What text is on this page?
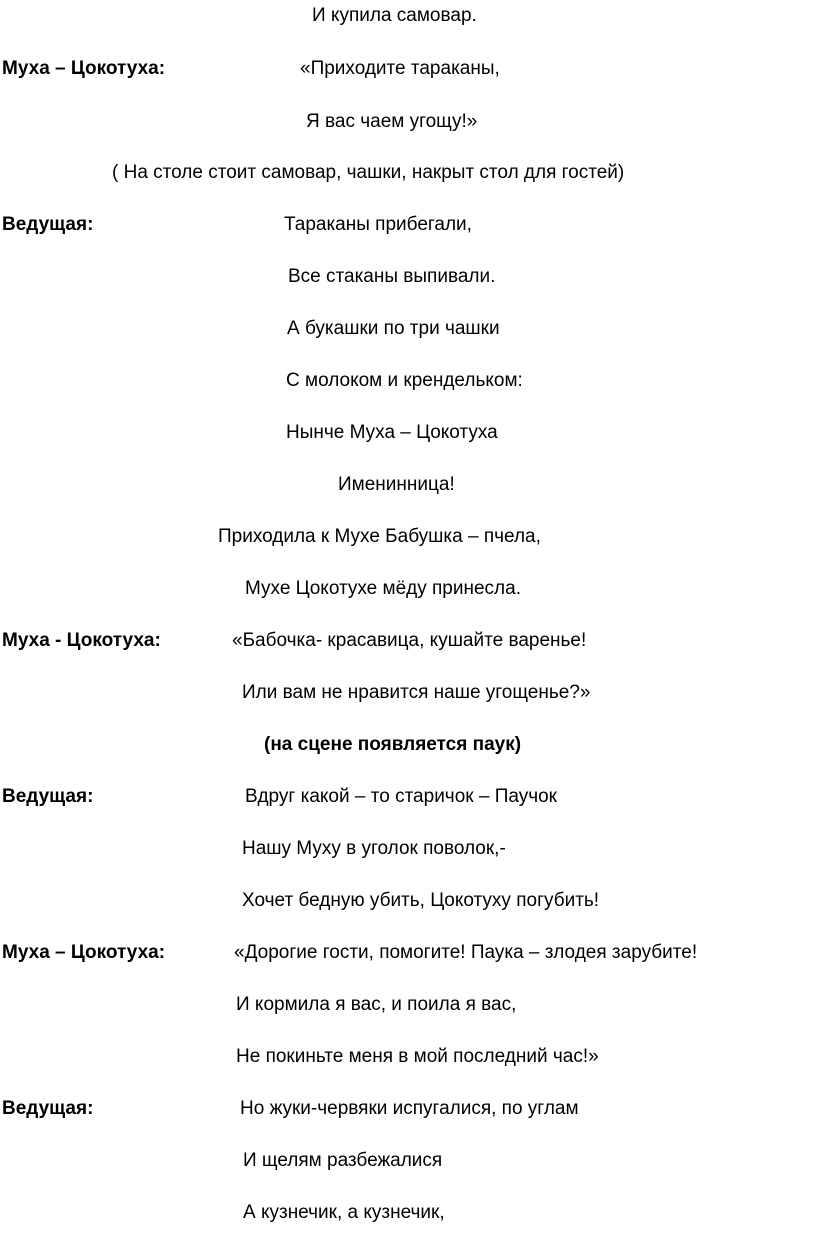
И купила самовар.
Муха – Цокотуха:	«Приходите тараканы,
Я вас чаем угощу!»
( На столе стоит самовар, чашки, накрыт стол для гостей)
Ведущая:	Тараканы прибегали,
Все стаканы выпивали.
А букашки по три чашки
С молоком и крендельком:
Нынче Муха – Цокотуха
Именинница!
Приходила к Мухе Бабушка – пчела,
Мухе Цокотухе мёду принесла.
Муха - Цокотуха:	«Бабочка- красавица, кушайте варенье!
Или вам не нравится наше угощенье?»
(на сцене появляется паук)
Ведущая:	Вдруг какой – то старичок – Паучок
Нашу Муху в уголок поволок,-
Хочет бедную убить, Цокотуху погубить!
Муха – Цокотуха:	«Дорогие гости, помогите! Паука – злодея зарубите!
И кормила я вас, и поила я вас,
Не покиньте меня в мой последний час!»
Ведущая:	Но жуки-червяки испугалися, по углам
И щелям разбежалися
А кузнечик, а кузнечик,
